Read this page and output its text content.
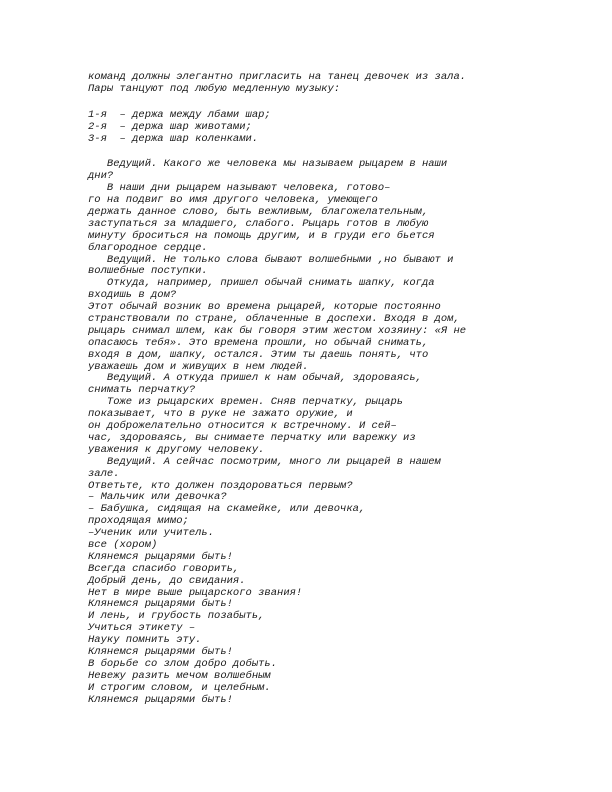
команд должны элегантно пригласить на танец девочек из зала.
Пары танцуют под любую медленную музыку:
1-я  – держа между лбами шар;
2-я  – держа шар животами;
3-я  – держа шар коленками.
Ведущий. Какого же человека мы называем рыцарем в наши
дни?
В наши дни рыцарем называют человека, готово–
го на подвиг во имя другого человека, умеющего
держать данное слово, быть вежливым, благожелательным,
заступаться за младшего, слабого. Рыцарь готов в любую
минуту броситься на помощь другим, и в груди его бьется
благородное сердце.
Ведущий. Не только слова бывают волшебными ,но бывают и
волшебные поступки.
Откуда, например, пришел обычай снимать шапку, когда
входишь в дом?
Этот обычай возник во времена рыцарей, которые постоянно
странствовали по стране, облаченные в доспехи. Входя в дом,
рыцарь снимал шлем, как бы говоря этим жестом хозяину: «Я не
опасаюсь тебя». Это времена прошли, но обычай снимать,
входя в дом, шапку, остался. Этим ты даешь понять, что
уважаешь дом и живущих в нем людей.
Ведущий. А откуда пришел к нам обычай, здороваясь,
снимать перчатку?
Тоже из рыцарских времен. Сняв перчатку, рыцарь
показывает, что в руке не зажато оружие, и
он доброжелательно относится к встречному. И сей–
час, здороваясь, вы снимаете перчатку или варежку из
уважения к другому человеку.
Ведущий. А сейчас посмотрим, много ли рыцарей в нашем
зале.
Ответьте, кто должен поздороваться первым?
– Мальчик или девочка?
– Бабушка, сидящая на скамейке, или девочка,
проходящая мимо;
–Ученик или учитель.
все (хором)
Клянемся рыцарями быть!
Всегда спасибо говорить,
Добрый день, до свидания.
Нет в мире выше рыцарского звания!
Клянемся рыцарями быть!
И лень, и грубость позабыть,
Учиться этикету –
Науку помнить эту.
Клянемся рыцарями быть!
В борьбе со злом добро добыть.
Невежу разить мечом волшебным
И строгим словом, и целебным.
Клянемся рыцарями быть!
